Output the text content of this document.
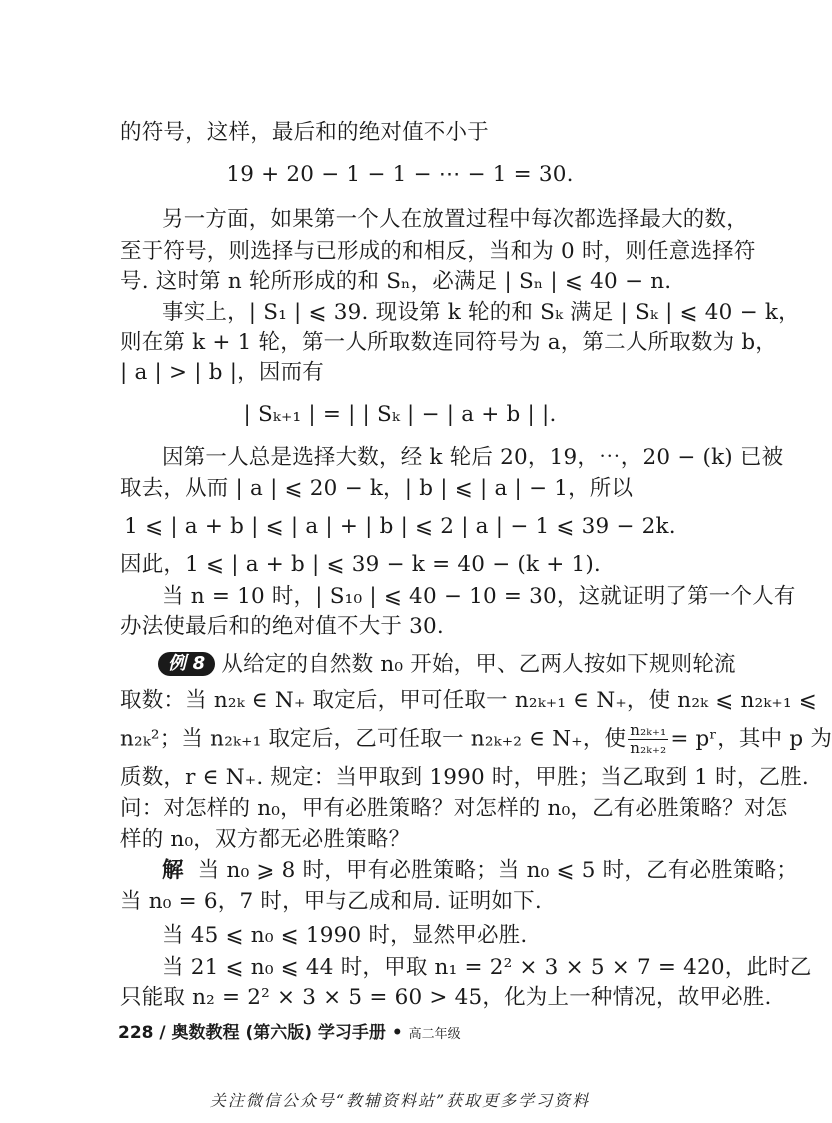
的符号，这样，最后和的绝对值不小于
19 + 20 − 1 − 1 − ⋯ − 1 = 30.
另一方面，如果第一个人在放置过程中每次都选择最大的数，
至于符号，则选择与已形成的和相反，当和为 0 时，则任意选择符
号. 这时第 n 轮所形成的和 Sₙ，必满足 | Sₙ | ⩽ 40 − n.
事实上，| S₁ | ⩽ 39. 现设第 k 轮的和 Sₖ 满足 | Sₖ | ⩽ 40 − k，
则在第 k + 1 轮，第一人所取数连同符号为 a，第二人所取数为 b，
| a | > | b |，因而有
| Sₖ₊₁ | = | | Sₖ | − | a + b | |.
因第一人总是选择大数，经 k 轮后 20，19，⋯，20 − (k) 已被
取去，从而 | a | ⩽ 20 − k，| b | ⩽ | a | − 1，所以
1 ⩽ | a + b | ⩽ | a | + | b | ⩽ 2 | a | − 1 ⩽ 39 − 2k.
因此，1 ⩽ | a + b | ⩽ 39 − k = 40 − (k + 1).
当 n = 10 时，| S₁₀ | ⩽ 40 − 10 = 30，这就证明了第一个人有
办法使最后和的绝对值不大于 30.
例 8 从给定的自然数 n₀ 开始，甲、乙两人按如下规则轮流
取数：当 n₂ₖ ∈ N₊ 取定后，甲可任取一 n₂ₖ₊₁ ∈ N₊，使 n₂ₖ ⩽ n₂ₖ₊₁ ⩽
n₂ₖ²；当 n₂ₖ₊₁ 取定后，乙可任取一 n₂ₖ₊₂ ∈ N₊，使 $\frac{\text{n₂ₖ₊₁}}{\text{n₂ₖ₊₂}}$ = pʳ，其中 p 为
质数，r ∈ N₊. 规定：当甲取到 1990 时，甲胜；当乙取到 1 时，乙胜.
问：对怎样的 n₀，甲有必胜策略？对怎样的 n₀，乙有必胜策略？对怎
样的 n₀，双方都无必胜策略？
解 当 n₀ ⩾ 8 时，甲有必胜策略；当 n₀ ⩽ 5 时，乙有必胜策略；
当 n₀ = 6，7 时，甲与乙成和局. 证明如下.
当 45 ⩽ n₀ ⩽ 1990 时，显然甲必胜.
当 21 ⩽ n₀ ⩽ 44 时，甲取 n₁ = 2² × 3 × 5 × 7 = 420，此时乙
只能取 n₂ = 2² × 3 × 5 = 60 > 45，化为上一种情况，故甲必胜.
228 / 奥数教程 (第六版) 学习手册 • 高二年级
关注微信公众号“教辅资料站”获取更多学习资料
